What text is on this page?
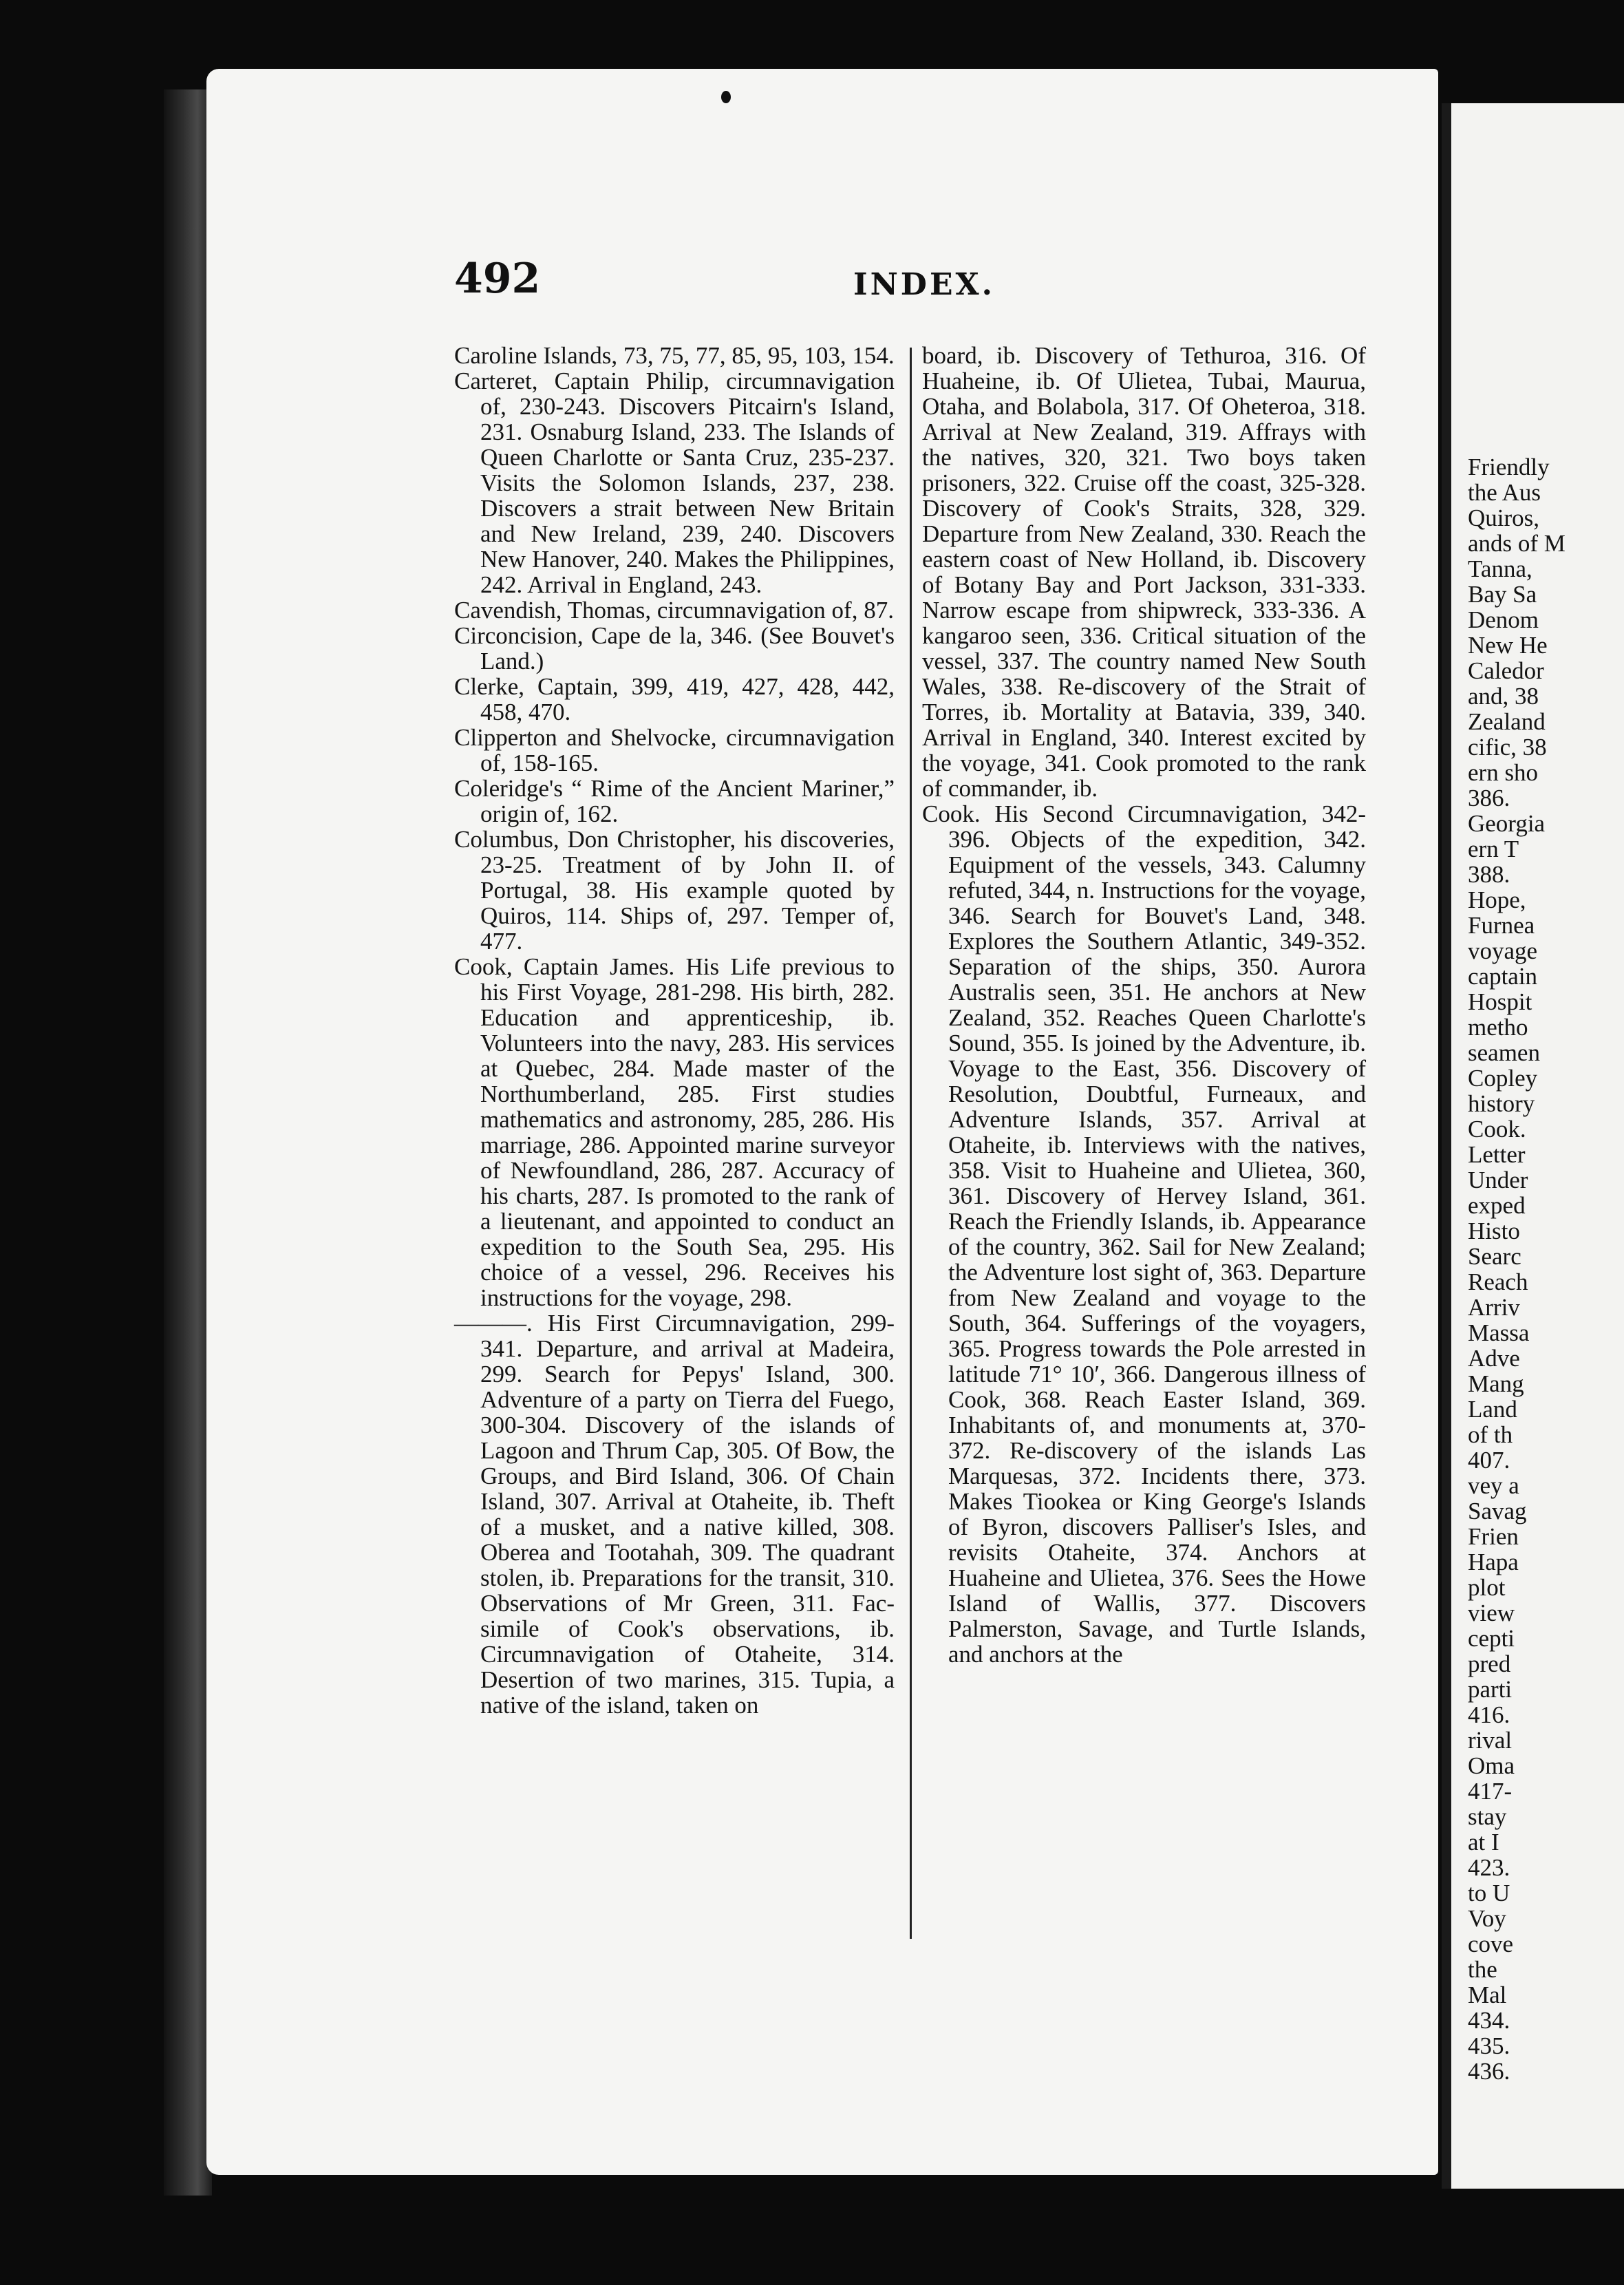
Friendly
the Aus
Quiros,
ands of M
Tanna,
Bay Sa
Denom
New He
Caledor
and, 38
Zealand
cific, 38
ern sho
386.
Georgia
ern T
388.
Hope,
Furnea
voyage
captain
Hospit
metho
seamen
Copley
history
Cook.
Letter
Under
exped
Histo
Searc
Reach
Arriv
Massa
Adve
Mang
Land
of th
407.
vey a
Savag
Frien
Hapa
plot
view
cepti
pred
parti
416.
rival
Oma
417-
stay
at I
423.
to U
Voy
cove
the
Mal
434.
435.
436.
492	INDEX.

Caroline Islands, 73, 75, 77, 85, 95, 103, 154.

Carteret, Captain Philip, circumnavigation of, 230-243. Discovers Pitcairn's Island, 231. Osnaburg Island, 233. The Islands of Queen Charlotte or Santa Cruz, 235-237. Visits the Solomon Islands, 237, 238. Discovers a strait between New Britain and New Ireland, 239, 240. Discovers New Hanover, 240. Makes the Philippines, 242. Arrival in England, 243.

Cavendish, Thomas, circumnavigation of, 87.

Circoncision, Cape de la, 346. (See Bouvet's Land.)

Clerke, Captain, 399, 419, 427, 428, 442, 458, 470.

Clipperton and Shelvocke, circumnavigation of, 158-165.

Coleridge's “ Rime of the Ancient Mariner,” origin of, 162.

Columbus, Don Christopher, his discoveries, 23-25. Treatment of by John II. of Portugal, 38. His example quoted by Quiros, 114. Ships of, 297. Temper of, 477.

Cook, Captain James. His Life previous to his First Voyage, 281-298. His birth, 282. Education and apprenticeship, ib. Volunteers into the navy, 283. His services at Quebec, 284. Made master of the Northumberland, 285. First studies mathematics and astronomy, 285, 286. His marriage, 286. Appointed marine surveyor of Newfoundland, 286, 287. Accuracy of his charts, 287. Is promoted to the rank of a lieutenant, and appointed to conduct an expedition to the South Sea, 295. His choice of a vessel, 296. Receives his instructions for the voyage, 298.

———. His First Circumnavigation, 299-341. Departure, and arrival at Madeira, 299. Search for Pepys' Island, 300. Adventure of a party on Tierra del Fuego, 300-304. Discovery of the islands of Lagoon and Thrum Cap, 305. Of Bow, the Groups, and Bird Island, 306. Of Chain Island, 307. Arrival at Otaheite, ib. Theft of a musket, and a native killed, 308. Oberea and Tootahah, 309. The quadrant stolen, ib. Preparations for the transit, 310. Observations of Mr Green, 311. Fac-simile of Cook's observations, ib. Circumnavigation of Otaheite, 314. Desertion of two marines, 315. Tupia, a native of the island, taken on

board, ib. Discovery of Tethuroa, 316. Of Huaheine, ib. Of Ulietea, Tubai, Maurua, Otaha, and Bolabola, 317. Of Oheteroa, 318. Arrival at New Zealand, 319. Affrays with the natives, 320, 321. Two boys taken prisoners, 322. Cruise off the coast, 325-328. Discovery of Cook's Straits, 328, 329. Departure from New Zealand, 330. Reach the eastern coast of New Holland, ib. Discovery of Botany Bay and Port Jackson, 331-333. Narrow escape from shipwreck, 333-336. A kangaroo seen, 336. Critical situation of the vessel, 337. The country named New South Wales, 338. Re-discovery of the Strait of Torres, ib. Mortality at Batavia, 339, 340. Arrival in England, 340. Interest excited by the voyage, 341. Cook promoted to the rank of commander, ib.

Cook. His Second Circumnavigation, 342-396. Objects of the expedition, 342. Equipment of the vessels, 343. Calumny refuted, 344, n. Instructions for the voyage, 346. Search for Bouvet's Land, 348. Explores the Southern Atlantic, 349-352. Separation of the ships, 350. Aurora Australis seen, 351. He anchors at New Zealand, 352. Reaches Queen Charlotte's Sound, 355. Is joined by the Adventure, ib. Voyage to the East, 356. Discovery of Resolution, Doubtful, Furneaux, and Adventure Islands, 357. Arrival at Otaheite, ib. Interviews with the natives, 358. Visit to Huaheine and Ulietea, 360, 361. Discovery of Hervey Island, 361. Reach the Friendly Islands, ib. Appearance of the country, 362. Sail for New Zealand; the Adventure lost sight of, 363. Departure from New Zealand and voyage to the South, 364. Sufferings of the voyagers, 365. Progress towards the Pole arrested in latitude 71° 10′, 366. Dangerous illness of Cook, 368. Reach Easter Island, 369. Inhabitants of, and monuments at, 370-372. Re-discovery of the islands Las Marquesas, 372. Incidents there, 373. Makes Tiookea or King George's Islands of Byron, discovers Palliser's Isles, and revisits Otaheite, 374. Anchors at Huaheine and Ulietea, 376. Sees the Howe Island of Wallis, 377. Discovers Palmerston, Savage, and Turtle Islands, and anchors at the
